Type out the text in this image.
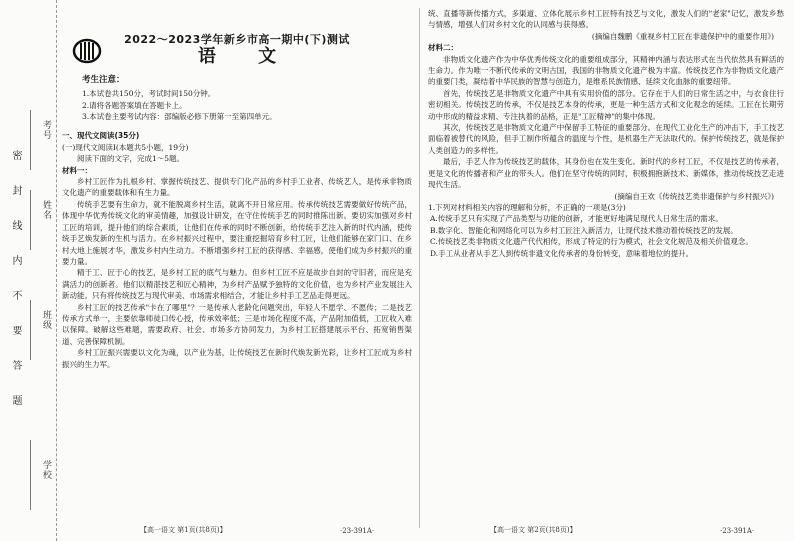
考号
姓名
班级
学校
密
封
线
内
不
要
答
题
2022～2023学年新乡市高一期中(下)测试
语 文
考生注意：
1.本试卷共150分，考试时间150分钟。
2.请将各题答案填在答题卡上。
3.本试卷主要考试内容：部编版必修下册第一至第四单元。
一、现代文阅读(35分)
(一)现代文阅读Ⅰ(本题共5小题，19分)

阅读下面的文字，完成1～5题。

材料一：

乡村工匠作为扎根乡村、掌握传统技艺、提供专门化产品的乡村手工业者、传统艺人，是传承非物质文化遗产的重要载体和有生力量。

传统手艺要有生命力，就不能脱离乡村生活，就离不开日常应用。传承传统技艺需要做好传统产品，体现中华优秀传统文化的审美情趣，加强设计研发，在守住传统手艺的同时推陈出新。要切实加强对乡村工匠的培训，提升他们的综合素质，让他们在传承的同时不断创新，给传统手艺注入新的时代内涵，使传统手艺焕发新的生机与活力。在乡村振兴过程中，要注重挖掘培育乡村工匠，让他们能够在家门口、在乡村大地上施展才华，激发乡村内生动力。不断增强乡村工匠的获得感、幸福感，使他们成为乡村振兴的重要力量。

精于工、匠于心的技艺，是乡村工匠的底气与魅力。但乡村工匠不应是故步自封的守旧者，而应是充满活力的创新者。他们以精湛技艺和匠心精神，为乡村产品赋予独特的文化价值，也为乡村产业发展注入新动能。只有将传统技艺与现代审美、市场需求相结合，才能让乡村手工艺品走得更远。

乡村工匠的技艺传承"卡在了哪里"？一是传承人老龄化问题突出，年轻人不愿学、不愿传；二是技艺传承方式单一，主要依靠师徒口传心授，传承效率低；三是市场化程度不高，产品附加值低，工匠收入难以保障。破解这些难题，需要政府、社会、市场多方协同发力，为乡村工匠搭建展示平台、拓宽销售渠道、完善保障机制。

乡村工匠振兴需要以文化为魂，以产业为基，让传统技艺在新时代焕发新光彩，让乡村工匠成为乡村振兴的生力军。

统、直播等新传播方式，多渠道、立体化展示乡村工匠特有技艺与文化，激发人们的"老家"记忆，激发乡愁与情感，增强人们对乡村文化的认同感与获得感。

(摘编自魏鹏《重视乡村工匠在非遗保护中的重要作用》)
材料二：

非物质文化遗产作为中华优秀传统文化的重要组成部分，其精神内涵与表达形式在当代依然具有鲜活的生命力。作为唯一不断代传承的文明古国，我国的非物质文化遗产极为丰富。传统技艺作为非物质文化遗产的重要门类，凝结着中华民族的智慧与创造力，是维系民族情感、延续文化血脉的重要纽带。

首先，传统技艺是非物质文化遗产中具有实用价值的部分。它存在于人们的日常生活之中，与衣食住行密切相关。传统技艺的传承，不仅是技艺本身的传承，更是一种生活方式和文化观念的延续。工匠在长期劳动中形成的精益求精、专注执着的品格，正是"工匠精神"的集中体现。

其次，传统技艺是非物质文化遗产中保留手工特征的重要部分。在现代工业化生产的冲击下，手工技艺面临着被替代的风险，但手工制作所蕴含的温度与个性，是机器生产无法取代的。保护传统技艺，就是保护人类创造力的多样性。

最后，手艺人作为传统技艺的载体，其身份也在发生变化。新时代的乡村工匠，不仅是技艺的传承者，更是文化的传播者和产业的带头人。他们在坚守传统的同时，积极拥抱新技术、新媒体，推动传统技艺走进现代生活。

(摘编自王欢《传统技艺类非遗保护与乡村振兴》)

1.下列对材料相关内容的理解和分析，不正确的一项是(3分)

A.传统手艺只有实现了产品类型与功能的创新，才能更好地满足现代人日常生活的需求。

B.数字化、智能化和网络化可以为乡村工匠注入新活力，让现代技术推动着传统技艺的发展。

C.传统技艺类非物质文化遗产代代相传，形成了特定的行为模式，社会文化规范及相关价值观念。

D.手工从业者从手艺人到传统非遗文化传承者的身份转变，意味着地位的提升。

【高一语文 第1页(共8页)】	·23-391A·	【高一语文 第2页(共8页)】	·23-391A·
